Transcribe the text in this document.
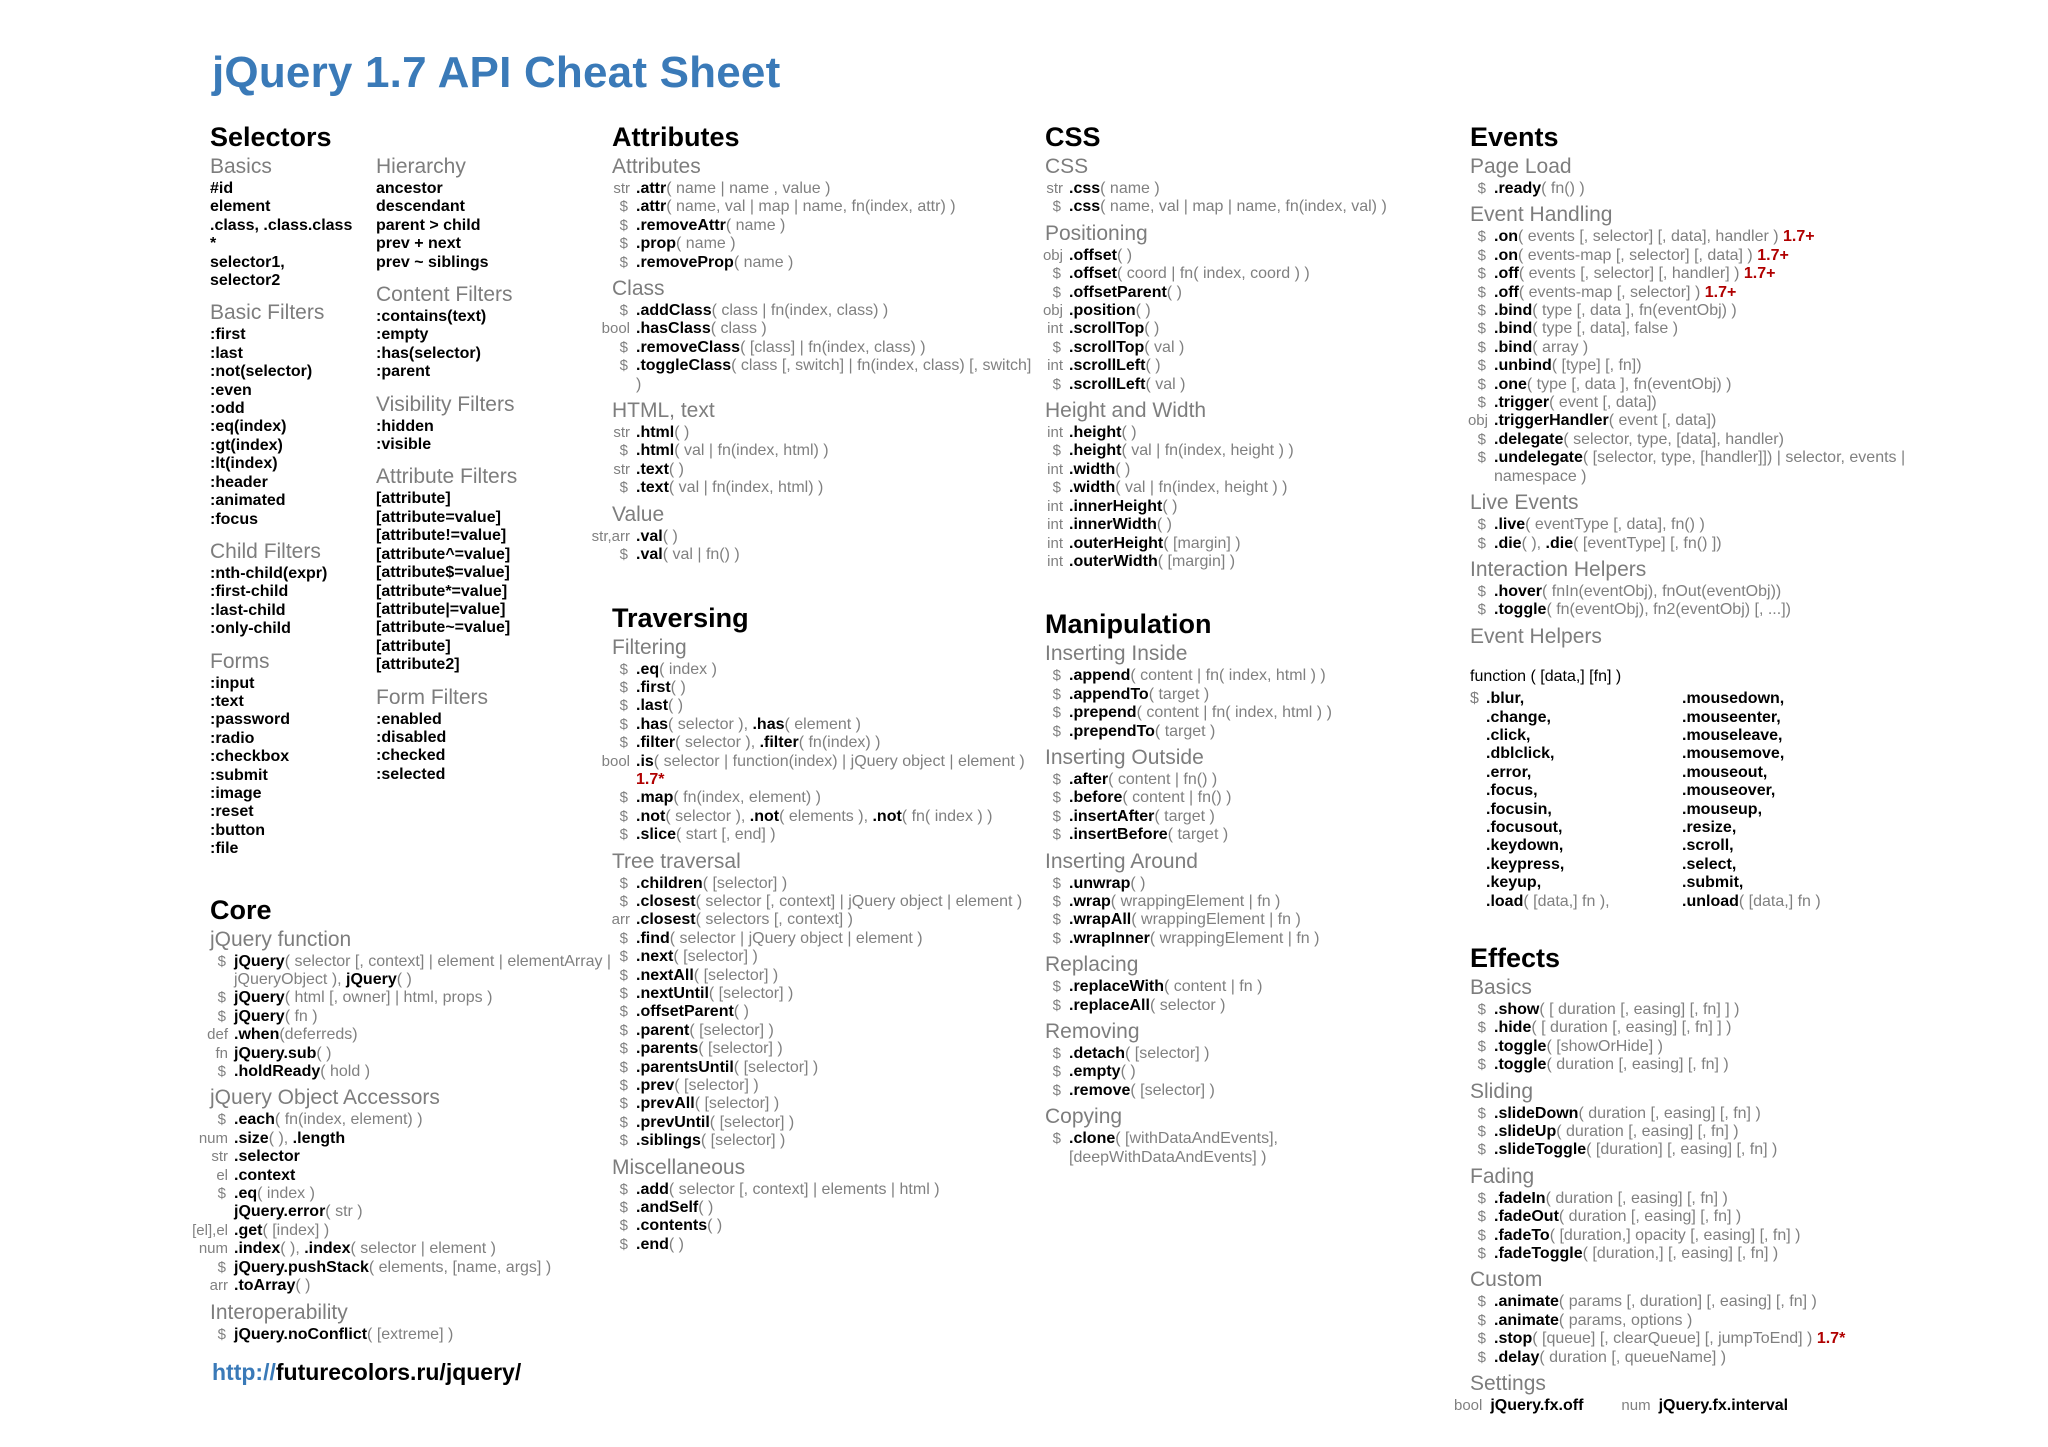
jQuery 1.7 API Cheat Sheet
Selectors
Basics
#id
element
.class, .class.class
*
selector1,
selector2
Basic Filters
:first
:last
:not(selector)
:even
:odd
:eq(index)
:gt(index)
:lt(index)
:header
:animated
:focus
Child Filters
:nth-child(expr)
:first-child
:last-child
:only-child
Forms
:input
:text
:password
:radio
:checkbox
:submit
:image
:reset
:button
:file
Hierarchy
ancestor
descendant
parent > child
prev + next
prev ~ siblings
Content Filters
:contains(text)
:empty
:has(selector)
:parent
Visibility Filters
:hidden
:visible
Attribute Filters
[attribute]
[attribute=value]
[attribute!=value]
[attribute^=value]
[attribute$=value]
[attribute*=value]
[attribute|=value]
[attribute~=value]
[attribute]
[attribute2]
Form Filters
:enabled
:disabled
:checked
:selected
Core
jQuery function
$ jQuery( selector [, context] | element | elementArray | jQueryObject ), jQuery( )
$ jQuery( html [, owner] | html, props )
$ jQuery( fn )
def .when(deferreds)
fn jQuery.sub( )
$ .holdReady( hold )
jQuery Object Accessors
$ .each( fn(index, element) )
num .size( ), .length
str .selector
el .context
$ .eq( index )
jQuery.error( str )
[el],el .get( [index] )
num .index( ), .index( selector | element )
$ jQuery.pushStack( elements, [name, args] )
arr .toArray( )
Interoperability
$ jQuery.noConflict( [extreme] )
Attributes
Attributes
str .attr( name | name , value )
$ .attr( name, val | map | name, fn(index, attr) )
$ .removeAttr( name )
$ .prop( name )
$ .removeProp( name )
Class
$ .addClass( class | fn(index, class) )
bool .hasClass( class )
$ .removeClass( [class] | fn(index, class) )
$ .toggleClass( class [, switch] | fn(index, class) [, switch] )
HTML, text
str .html( )
$ .html( val | fn(index, html) )
str .text( )
$ .text( val | fn(index, html) )
Value
str,arr .val( )
$ .val( val | fn() )
Traversing
Filtering
$ .eq( index )
$ .first( )
$ .last( )
$ .has( selector ), .has( element )
$ .filter( selector ), .filter( fn(index) )
bool .is( selector | function(index) | jQuery object | element ) 1.7*
$ .map( fn(index, element) )
$ .not( selector ), .not( elements ), .not( fn( index ) )
$ .slice( start [, end] )
Tree traversal
$ .children( [selector] )
$ .closest( selector [, context] | jQuery object | element )
arr .closest( selectors [, context] )
$ .find( selector | jQuery object | element )
$ .next( [selector] )
$ .nextAll( [selector] )
$ .nextUntil( [selector] )
$ .offsetParent( )
$ .parent( [selector] )
$ .parents( [selector] )
$ .parentsUntil( [selector] )
$ .prev( [selector] )
$ .prevAll( [selector] )
$ .prevUntil( [selector] )
$ .siblings( [selector] )
Miscellaneous
$ .add( selector [, context] | elements | html )
$ .andSelf( )
$ .contents( )
$ .end( )
CSS
CSS
str .css( name )
$ .css( name, val | map | name, fn(index, val) )
Positioning
obj .offset( )
$ .offset( coord | fn( index, coord ) )
$ .offsetParent( )
obj .position( )
int .scrollTop( )
$ .scrollTop( val )
int .scrollLeft( )
$ .scrollLeft( val )
Height and Width
int .height( )
$ .height( val | fn(index, height ) )
int .width( )
$ .width( val | fn(index, height ) )
int .innerHeight( )
int .innerWidth( )
int .outerHeight( [margin] )
int .outerWidth( [margin] )
Manipulation
Inserting Inside
$ .append( content | fn( index, html ) )
$ .appendTo( target )
$ .prepend( content | fn( index, html ) )
$ .prependTo( target )
Inserting Outside
$ .after( content | fn() )
$ .before( content | fn() )
$ .insertAfter( target )
$ .insertBefore( target )
Inserting Around
$ .unwrap( )
$ .wrap( wrappingElement | fn )
$ .wrapAll( wrappingElement | fn )
$ .wrapInner( wrappingElement | fn )
Replacing
$ .replaceWith( content | fn )
$ .replaceAll( selector )
Removing
$ .detach( [selector] )
$ .empty( )
$ .remove( [selector] )
Copying
$ .clone( [withDataAndEvents], [deepWithDataAndEvents] )
Events
Page Load
$ .ready( fn() )
Event Handling
$ .on( events [, selector] [, data], handler ) 1.7+
$ .on( events-map [, selector] [, data] ) 1.7+
$ .off( events [, selector] [, handler] ) 1.7+
$ .off( events-map [, selector] ) 1.7+
$ .bind( type [, data ], fn(eventObj) )
$ .bind( type [, data], false )
$ .bind( array )
$ .unbind( [type] [, fn])
$ .one( type [, data ], fn(eventObj) )
$ .trigger( event [, data])
obj .triggerHandler( event [, data])
$ .delegate( selector, type, [data], handler)
$ .undelegate( [selector, type, [handler]]) | selector, events | namespace )
Live Events
$ .live( eventType [, data], fn() )
$ .die( ), .die( [eventType] [, fn() ])
Interaction Helpers
$ .hover( fnIn(eventObj), fnOut(eventObj))
$ .toggle( fn(eventObj), fn2(eventObj) [, ...])
Event Helpers
function ( [data,] [fn] )
$ .blur,
.change,
.click,
.dblclick,
.error,
.focus,
.focusin,
.focusout,
.keydown,
.keypress,
.keyup,
.load( [data,] fn ),
.mousedown,
.mouseenter,
.mouseleave,
.mousemove,
.mouseout,
.mouseover,
.mouseup,
.resize,
.scroll,
.select,
.submit,
.unload( [data,] fn )
Effects
Basics
$ .show( [ duration [, easing] [, fn] ] )
$ .hide( [ duration [, easing] [, fn] ] )
$ .toggle( [showOrHide] )
$ .toggle( duration [, easing] [, fn] )
Sliding
$ .slideDown( duration [, easing] [, fn] )
$ .slideUp( duration [, easing] [, fn] )
$ .slideToggle( [duration] [, easing] [, fn] )
Fading
$ .fadeIn( duration [, easing] [, fn] )
$ .fadeOut( duration [, easing] [, fn] )
$ .fadeTo( [duration,] opacity [, easing] [, fn] )
$ .fadeToggle( [duration,] [, easing] [, fn] )
Custom
$ .animate( params [, duration] [, easing] [, fn] )
$ .animate( params, options )
$ .stop( [queue] [, clearQueue] [, jumpToEnd] ) 1.7*
$ .delay( duration [, queueName] )
Settings
bool jQuery.fx.off	num jQuery.fx.interval
http://futurecolors.ru/jquery/
